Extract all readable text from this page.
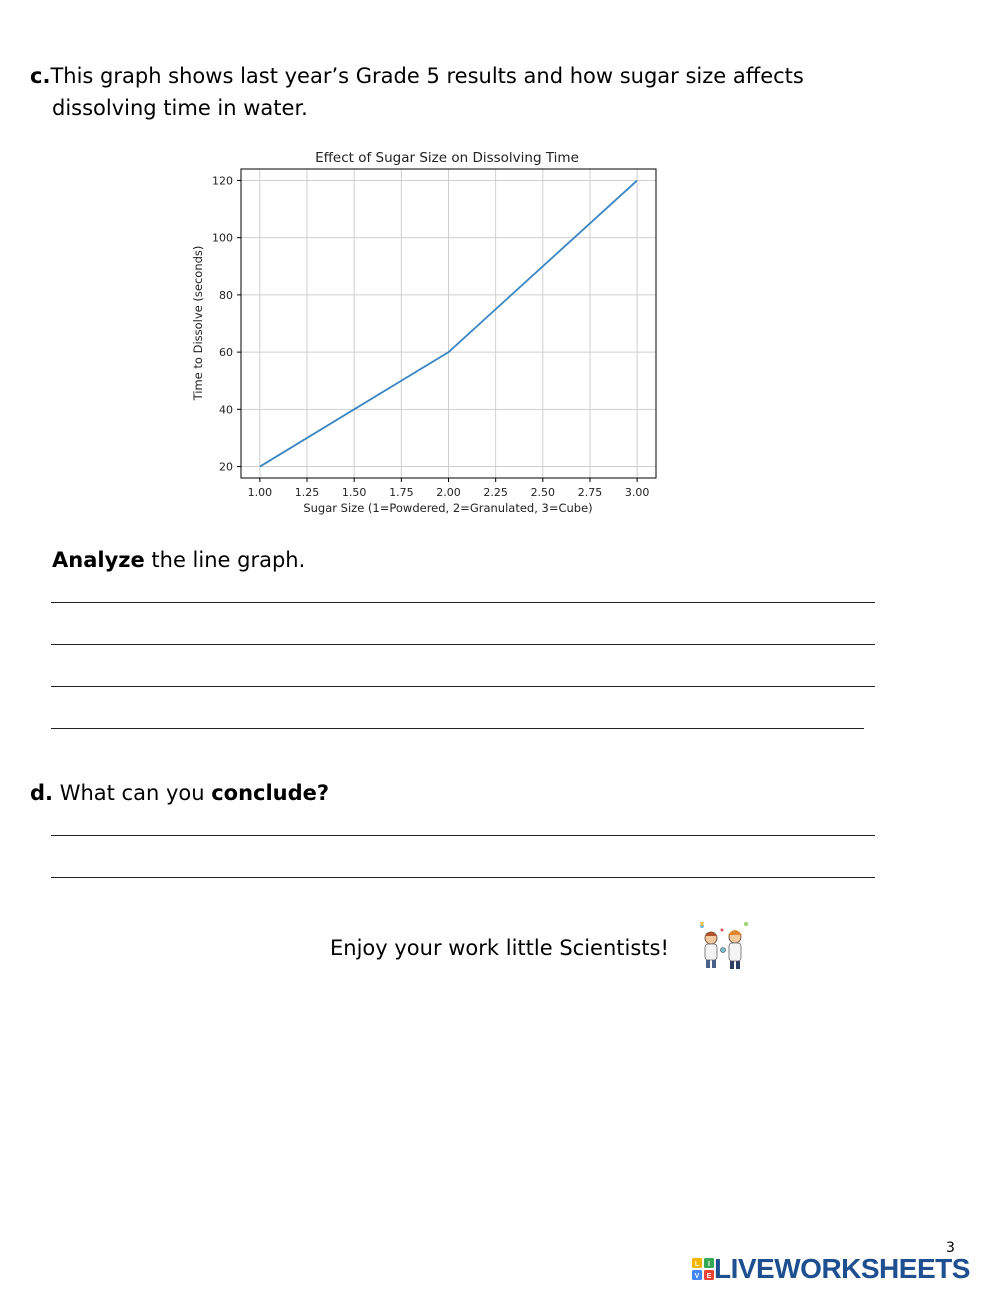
c.This graph shows last year’s Grade 5 results and how sugar size affects
dissolving time in water.
Effect of Sugar Size on Dissolving Time
1.00 1.25 1.50 1.75 2.00 2.25 2.50 2.75 3.00
20
40
60
80
100
120
Sugar Size (1=Powdered, 2=Granulated, 3=Cube)
Time to Dissolve (seconds)
Analyze the line graph.
d. What can you conclude?
Enjoy your work little Scientists!
3
L I
V E LIVEWORKSHEETS
